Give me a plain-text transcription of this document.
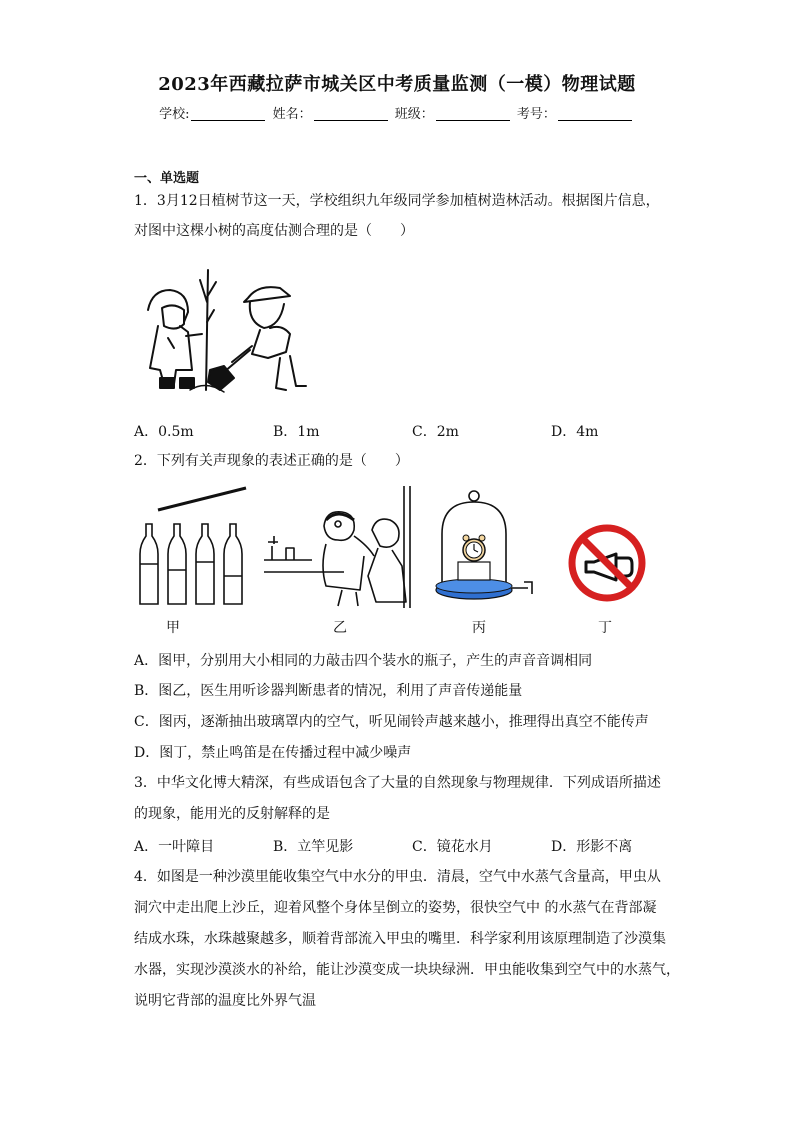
2023年西藏拉萨市城关区中考质量监测（一模）物理试题
学校:	姓名：	班级：	考号：
一、单选题
1．3月12日植树节这一天，学校组织九年级同学参加植树造林活动。根据图片信息，
对图中这棵小树的高度估测合理的是（　　）
A．0.5m	B．1m	C．2m	D．4m
2．下列有关声现象的表述正确的是（　　）
甲	乙	丙	丁
A．图甲，分别用大小相同的力敲击四个装水的瓶子，产生的声音音调相同
B．图乙，医生用听诊器判断患者的情况，利用了声音传递能量
C．图丙，逐渐抽出玻璃罩内的空气，听见闹铃声越来越小，推理得出真空不能传声
D．图丁，禁止鸣笛是在传播过程中减少噪声
3．中华文化博大精深，有些成语包含了大量的自然现象与物理规律．下列成语所描述
的现象，能用光的反射解释的是
A．一叶障目	B．立竿见影	C．镜花水月	D．形影不离
4．如图是一种沙漠里能收集空气中水分的甲虫．清晨，空气中水蒸气含量高，甲虫从
洞穴中走出爬上沙丘，迎着风整个身体呈倒立的姿势，很快空气中 的水蒸气在背部凝
结成水珠，水珠越聚越多，顺着背部流入甲虫的嘴里．科学家利用该原理制造了沙漠集
水器，实现沙漠淡水的补给，能让沙漠变成一块块绿洲．甲虫能收集到空气中的水蒸气，
说明它背部的温度比外界气温
